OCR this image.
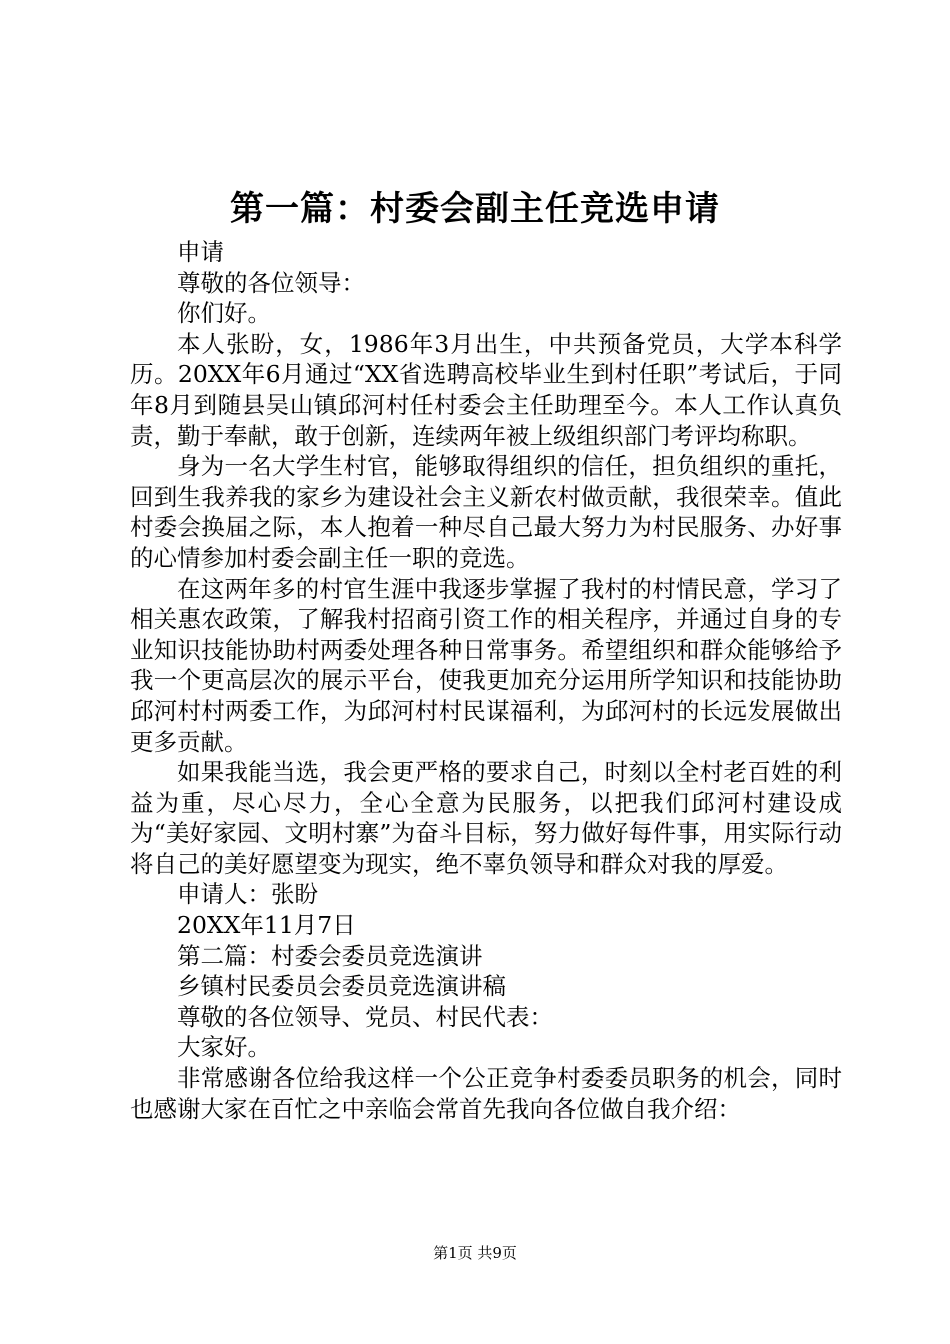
第一篇：村委会副主任竞选申请

申请

尊敬的各位领导：

你们好。

本人张盼，女，1986年3月出生，中共预备党员，大学本科学历。20XX年6月通过“XX省选聘高校毕业生到村任职”考试后，于同年8月到随县吴山镇邱河村任村委会主任助理至今。本人工作认真负责，勤于奉献，敢于创新，连续两年被上级组织部门考评均称职。

身为一名大学生村官，能够取得组织的信任，担负组织的重托，回到生我养我的家乡为建设社会主义新农村做贡献，我很荣幸。值此村委会换届之际，本人抱着一种尽自己最大努力为村民服务、办好事的心情参加村委会副主任一职的竞选。

在这两年多的村官生涯中我逐步掌握了我村的村情民意，学习了相关惠农政策，了解我村招商引资工作的相关程序，并通过自身的专业知识技能协助村两委处理各种日常事务。希望组织和群众能够给予我一个更高层次的展示平台，使我更加充分运用所学知识和技能协助邱河村村两委工作，为邱河村村民谋福利，为邱河村的长远发展做出更多贡献。

如果我能当选，我会更严格的要求自己，时刻以全村老百姓的利益为重，尽心尽力，全心全意为民服务，以把我们邱河村建设成为“美好家园、文明村寨”为奋斗目标，努力做好每件事，用实际行动将自己的美好愿望变为现实，绝不辜负领导和群众对我的厚爱。

申请人：张盼

20XX年11月7日

第二篇：村委会委员竞选演讲

乡镇村民委员会委员竞选演讲稿

尊敬的各位领导、党员、村民代表：

大家好。

非常感谢各位给我这样一个公正竞争村委委员职务的机会，同时也感谢大家在百忙之中亲临会常首先我向各位做自我介绍：

第1页 共9页
